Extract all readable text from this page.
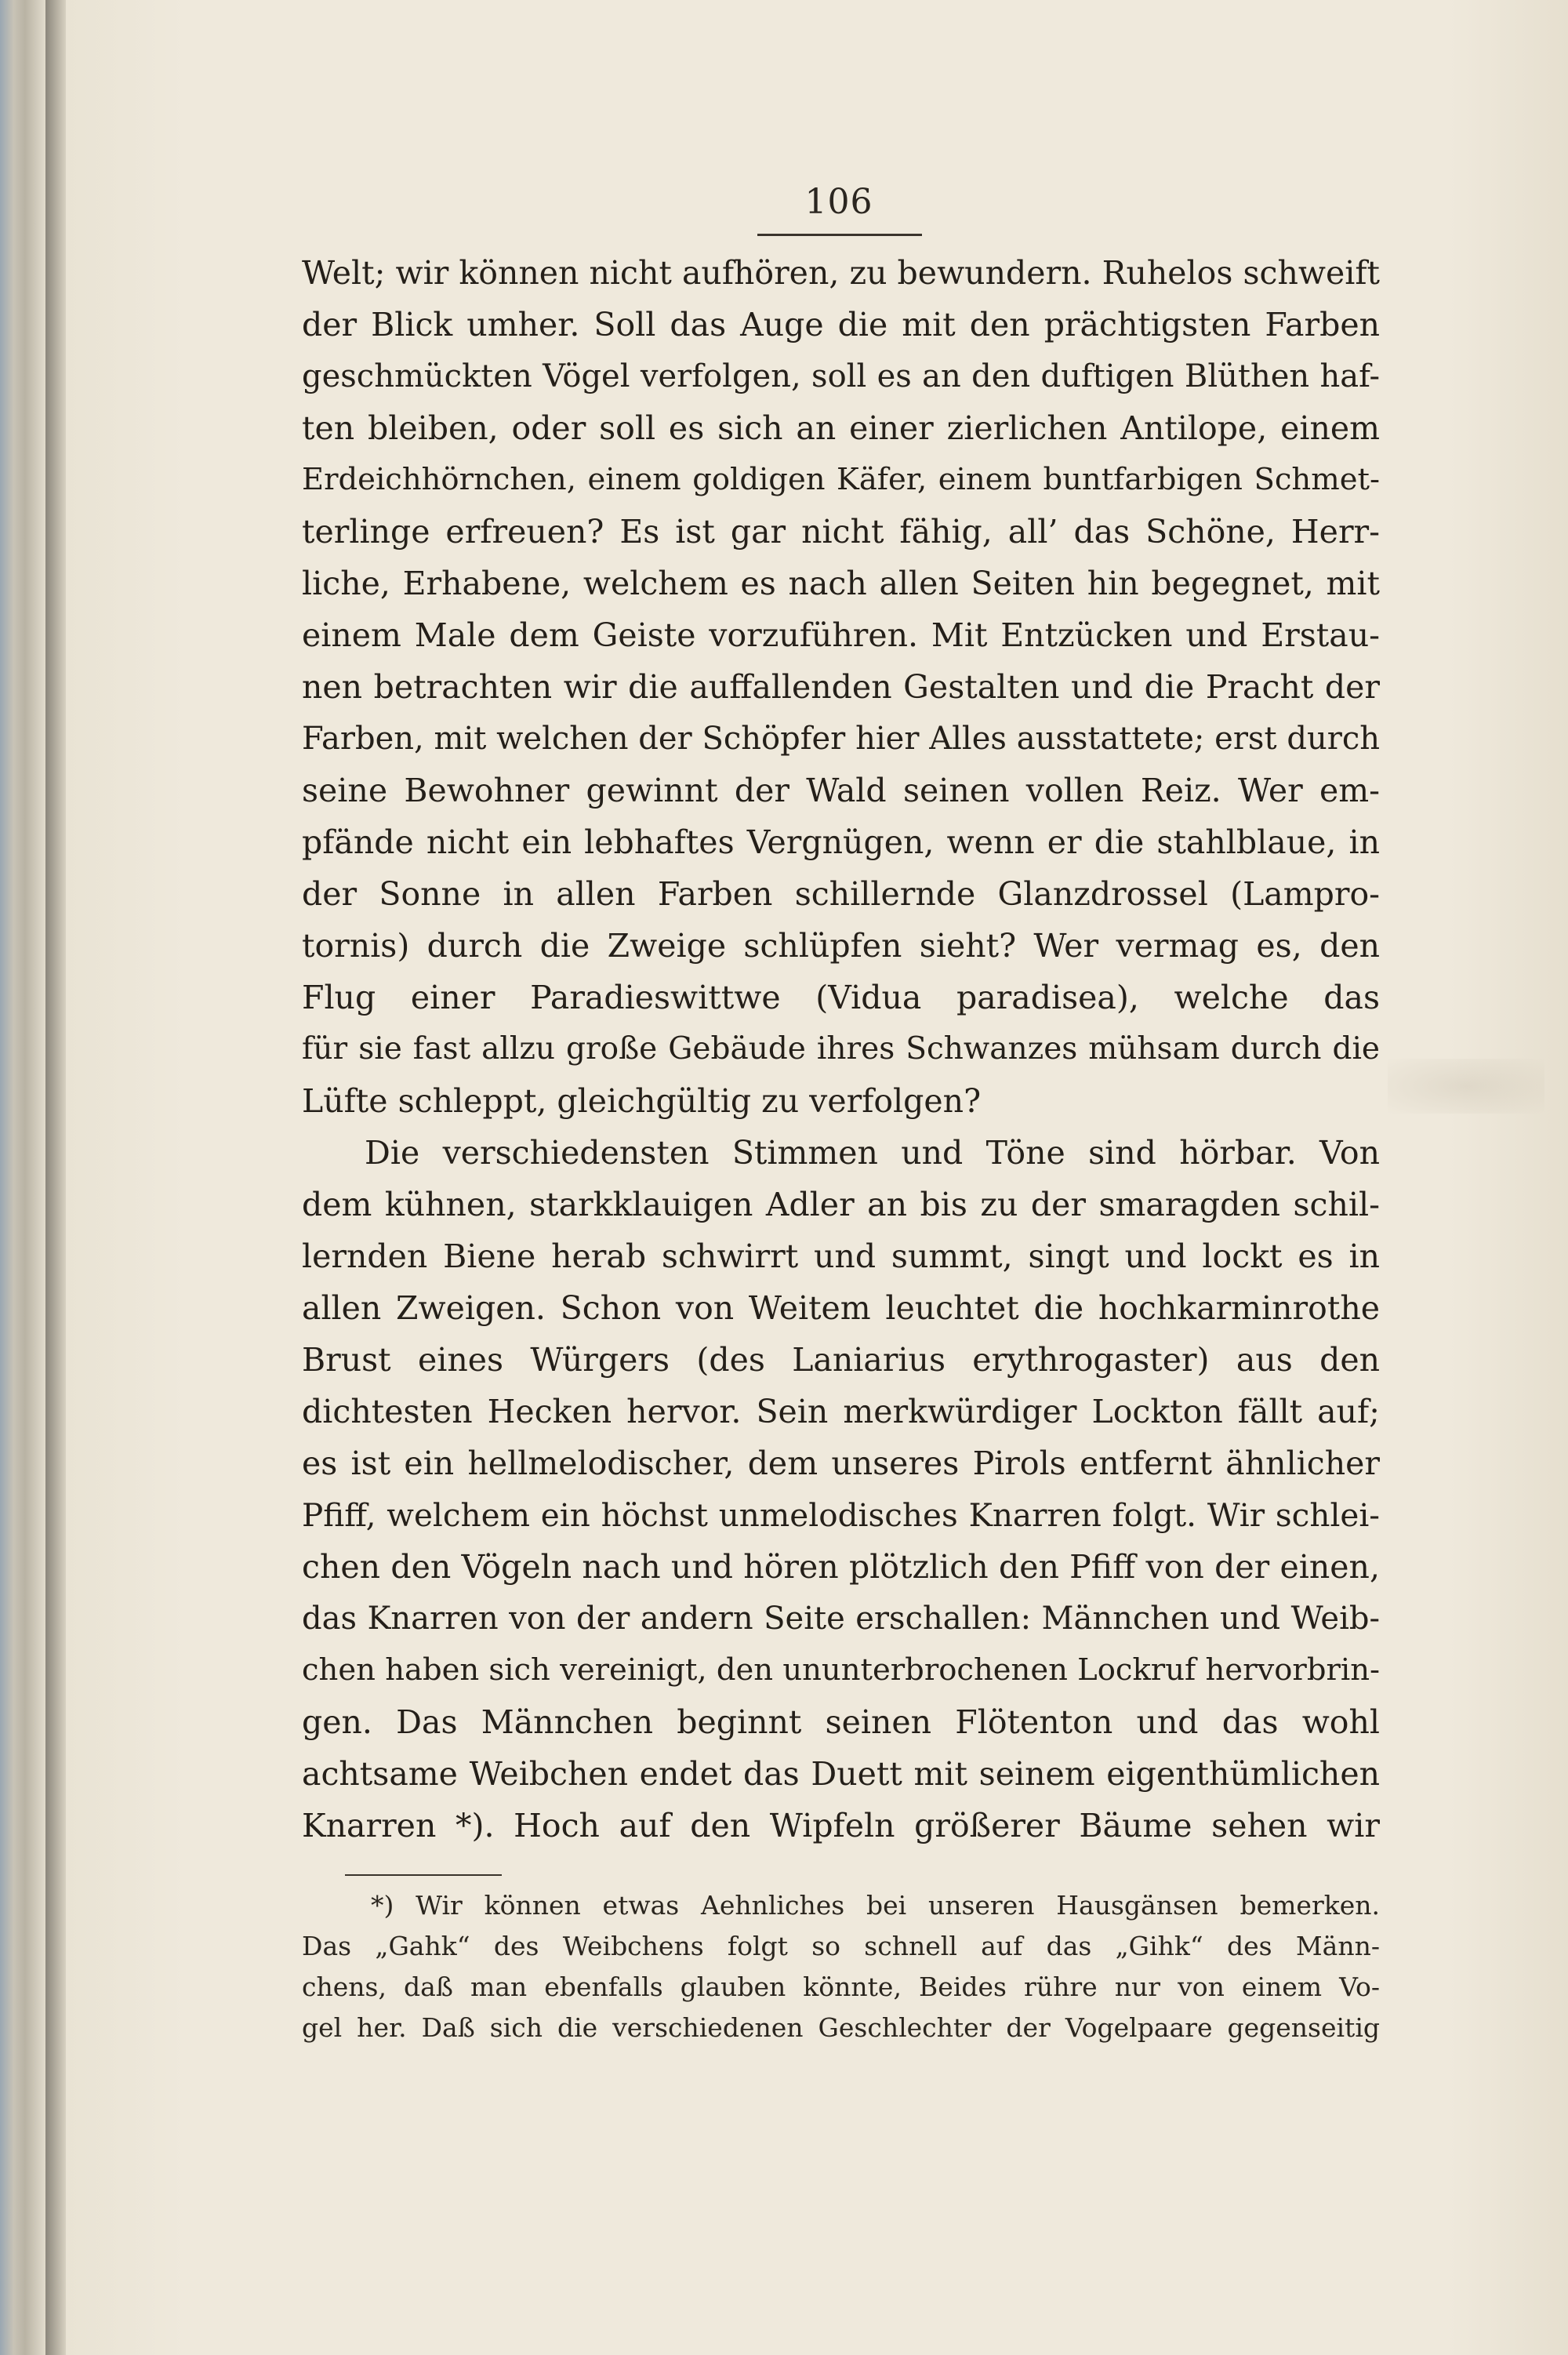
106
Welt; wir können nicht aufhören, zu bewundern. Ruhelos schweift
der Blick umher. Soll das Auge die mit den prächtigsten Farben
geschmückten Vögel verfolgen, soll es an den duftigen Blüthen haf-
ten bleiben, oder soll es sich an einer zierlichen Antilope, einem
Erdeichhörnchen, einem goldigen Käfer, einem buntfarbigen Schmet-
terlinge erfreuen? Es ist gar nicht fähig, all’ das Schöne, Herr-
liche, Erhabene, welchem es nach allen Seiten hin begegnet, mit
einem Male dem Geiste vorzuführen. Mit Entzücken und Erstau-
nen betrachten wir die auffallenden Gestalten und die Pracht der
Farben, mit welchen der Schöpfer hier Alles ausstattete; erst durch
seine Bewohner gewinnt der Wald seinen vollen Reiz. Wer em-
pfände nicht ein lebhaftes Vergnügen, wenn er die stahlblaue, in
der Sonne in allen Farben schillernde Glanzdrossel (Lampro-
tornis) durch die Zweige schlüpfen sieht? Wer vermag es, den
Flug einer Paradieswittwe (Vidua paradisea), welche das
für sie fast allzu große Gebäude ihres Schwanzes mühsam durch die
Lüfte schleppt, gleichgültig zu verfolgen?
Die verschiedensten Stimmen und Töne sind hörbar. Von
dem kühnen, starkklauigen Adler an bis zu der smaragden schil-
lernden Biene herab schwirrt und summt, singt und lockt es in
allen Zweigen. Schon von Weitem leuchtet die hochkarminrothe
Brust eines Würgers (des Laniarius erythrogaster) aus den
dichtesten Hecken hervor. Sein merkwürdiger Lockton fällt auf;
es ist ein hellmelodischer, dem unseres Pirols entfernt ähnlicher
Pfiff, welchem ein höchst unmelodisches Knarren folgt. Wir schlei-
chen den Vögeln nach und hören plötzlich den Pfiff von der einen,
das Knarren von der andern Seite erschallen: Männchen und Weib-
chen haben sich vereinigt, den ununterbrochenen Lockruf hervorbrin-
gen. Das Männchen beginnt seinen Flötenton und das wohl
achtsame Weibchen endet das Duett mit seinem eigenthümlichen
Knarren *). Hoch auf den Wipfeln größerer Bäume sehen wir
*) Wir können etwas Aehnliches bei unseren Hausgänsen bemerken.
Das „Gahk“ des Weibchens folgt so schnell auf das „Gihk“ des Männ-
chens, daß man ebenfalls glauben könnte, Beides rühre nur von einem Vo-
gel her. Daß sich die verschiedenen Geschlechter der Vogelpaare gegenseitig
